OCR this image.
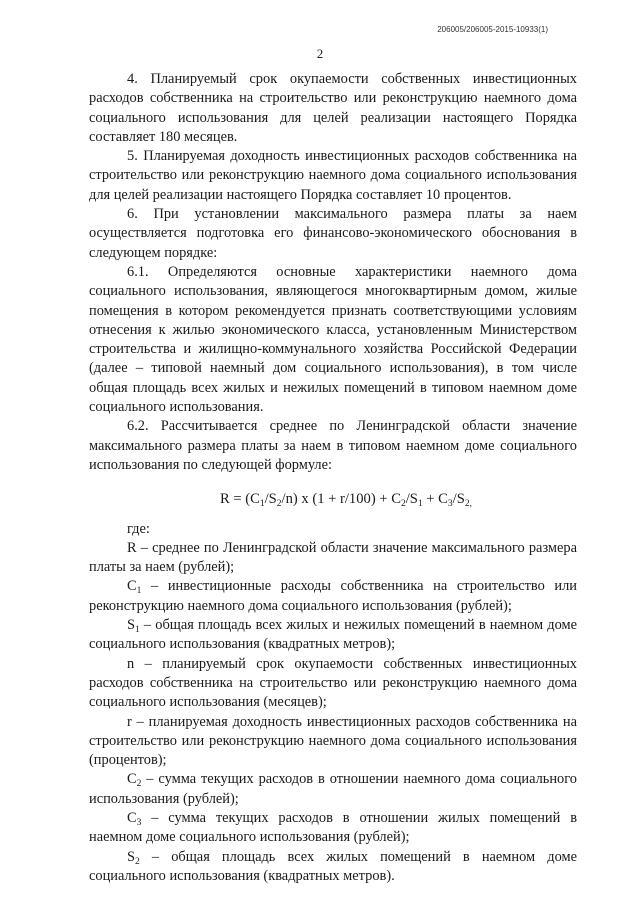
206005/206005-2015-10933(1)
2

4. Планируемый срок окупаемости собственных инвестиционных расходов собственника на строительство или реконструкцию наемного дома социального использования для целей реализации настоящего Порядка составляет 180 месяцев.

5. Планируемая доходность инвестиционных расходов собственника на строительство или реконструкцию наемного дома социального использования для целей реализации настоящего Порядка составляет 10 процентов.

6. При установлении максимального размера платы за наем осуществляется подготовка его финансово-экономического обоснования в следующем порядке:

6.1. Определяются основные характеристики наемного дома социального использования, являющегося многоквартирным домом, жилые помещения в котором рекомендуется признать соответствующими условиям отнесения к жилью экономического класса, установленным Министерством строительства и жилищно-коммунального хозяйства Российской Федерации (далее – типовой наемный дом социального использования), в том числе общая площадь всех жилых и нежилых помещений в типовом наемном доме социального использования.

6.2. Рассчитывается среднее по Ленинградской области значение максимального размера платы за наем в типовом наемном доме социального использования по следующей формуле:

$R = (C_1/S_2/n)$ x $(1 + r/100) + C_2/S_1 + C_3/S_{2,}$

где:

R – среднее по Ленинградской области значение максимального размера платы за наем (рублей);

$C_1$ – инвестиционные расходы собственника на строительство или реконструкцию наемного дома социального использования (рублей);

$S_1$ – общая площадь всех жилых и нежилых помещений в наемном доме социального использования (квадратных метров);

n – планируемый срок окупаемости собственных инвестиционных расходов собственника на строительство или реконструкцию наемного дома социального использования (месяцев);

r – планируемая доходность инвестиционных расходов собственника на строительство или реконструкцию наемного дома социального использования (процентов);

$C_2$ – сумма текущих расходов в отношении наемного дома социального использования (рублей);

$C_3$ – сумма текущих расходов в отношении жилых помещений в наемном доме социального использования (рублей);

$S_2$ – общая площадь всех жилых помещений в наемном доме социального использования (квадратных метров).
